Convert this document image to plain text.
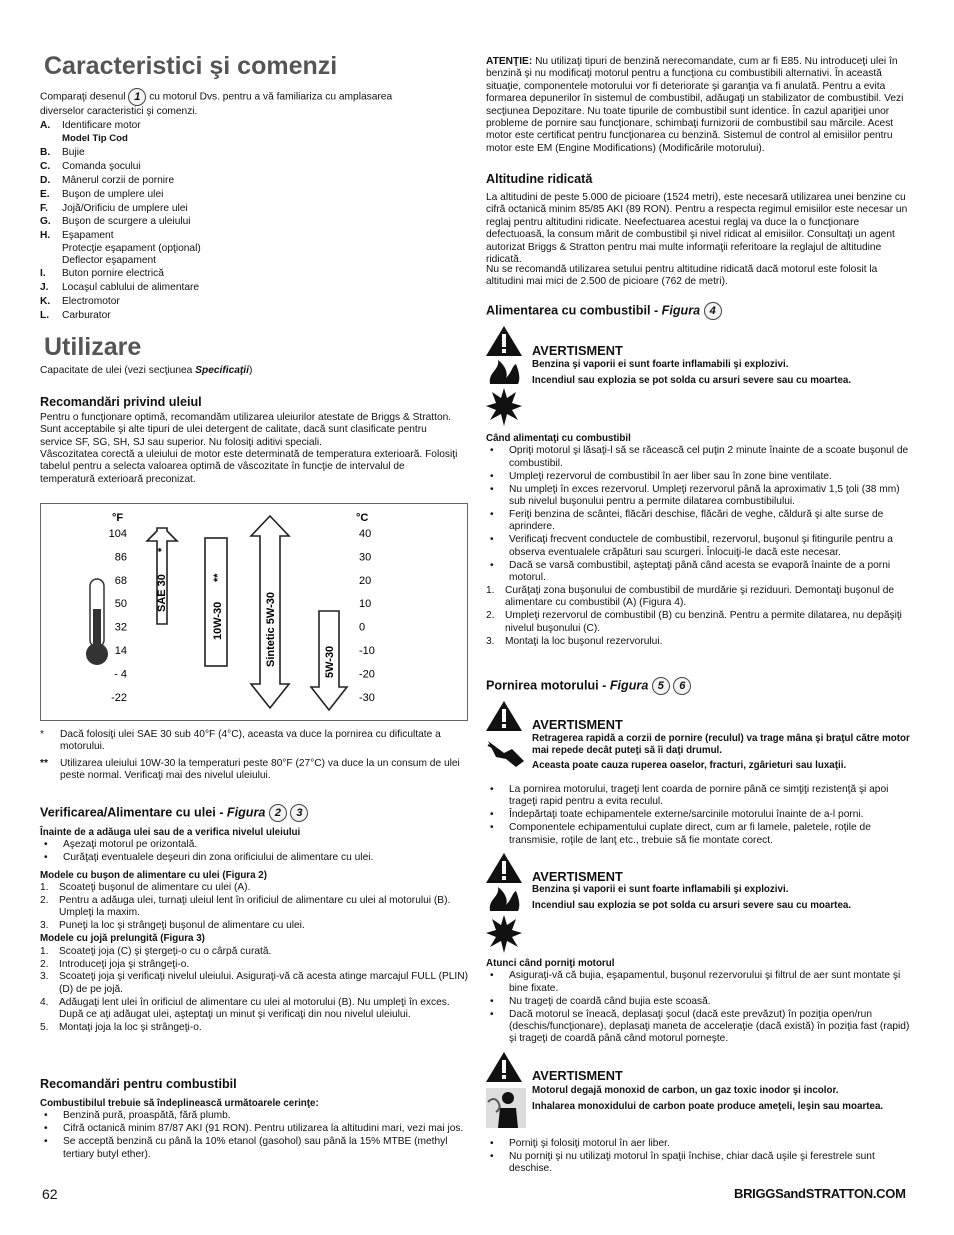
Caracteristici şi comenzi
Comparaţi desenul 1 cu motorul Dvs. pentru a vă familiariza cu amplasarea
diverselor caracteristici şi comenzi.
A.	Identificare motor
Model Tip Cod
B.	Bujie
C.	Comanda şocului
D.	Mânerul corzii de pornire
E.	Buşon de umplere ulei
F.	Jojă/Orificiu de umplere ulei
G.	Buşon de scurgere a uleiului
H.	Eşapament
Protecţie eşapament (opţional)
Deflector eşapament
I.	Buton pornire electrică
J.	Locaşul cablului de alimentare
K.	Electromotor
L.	Carburator
Utilizare
Capacitate de ulei (vezi secţiunea Specificaţii)
Recomandări privind uleiul
Pentru o funcţionare optimă, recomandăm utilizarea uleiurilor atestate de Briggs & Stratton. Sunt acceptabile şi alte tipuri de ulei detergent de calitate, dacă sunt clasificate pentru service SF, SG, SH, SJ sau superior. Nu folosiţi aditivi speciali.
Vâscozitatea corectă a uleiului de motor este determinată de temperatura exterioară. Folosiţi tabelul pentru a selecta valoarea optimă de vâscozitate în funcţie de intervalul de temperatură exterioară preconizat.
°F	°C
104
86
68
50
32
14
- 4
-22
40
30
20
10
0
-10
-20
-30
SAE 30
*
10W-30
**
Sintetic 5W-30	5W-30
*	Dacă folosiţi ulei SAE 30 sub 40°F (4°C), aceasta va duce la pornirea cu dificultate a motorului.
**	Utilizarea uleiului 10W-30 la temperaturi peste 80°F (27°C) va duce la un consum de ulei peste normal. Verificaţi mai des nivelul uleiului.
Verificarea/Alimentare cu ulei - Figura 2 3
Înainte de a adăuga ulei sau de a verifica nivelul uleiului
•	Aşezaţi motorul pe orizontală.
•	Curăţaţi eventualele deşeuri din zona orificiului de alimentare cu ulei.
Modele cu buşon de alimentare cu ulei (Figura 2)
1.	Scoateţi buşonul de alimentare cu ulei (A).
2.	Pentru a adăuga ulei, turnaţi uleiul lent în orificiul de alimentare cu ulei al motorului (B). Umpleţi la maxim.
3.	Puneţi la loc şi strângeţi buşonul de alimentare cu ulei.
Modele cu jojă prelungită (Figura 3)
1.	Scoateţi joja (C) şi ştergeţi-o cu o cârpă curată.
2.	Introduceţi joja şi strângeţi-o.
3.	Scoateţi joja şi verificaţi nivelul uleiului. Asiguraţi-vă că acesta atinge marcajul FULL (PLIN) (D) de pe jojă.
4.	Adăugaţi lent ulei în orificiul de alimentare cu ulei al motorului (B). Nu umpleţi în exces. După ce aţi adăugat ulei, aşteptaţi un minut şi verificaţi din nou nivelul uleiului.
5.	Montaţi joja la loc şi strângeţi-o.
Recomandări pentru combustibil
Combustibilul trebuie să îndeplinească următoarele cerinţe:
•	Benzină pură, proaspătă, fără plumb.
•	Cifră octanică minim 87/87 AKI (91 RON). Pentru utilizarea la altitudini mari, vezi mai jos.
•	Se acceptă benzină cu până la 10% etanol (gasohol) sau până la 15% MTBE (methyl tertiary butyl ether).
ATENŢIE: Nu utilizaţi tipuri de benzină nerecomandate, cum ar fi E85. Nu introduceţi ulei în benzină şi nu modificaţi motorul pentru a funcţiona cu combustibili alternativi. În această situaţie, componentele motorului vor fi deteriorate şi garanţia va fi anulată. Pentru a evita formarea depunerilor în sistemul de combustibil, adăugaţi un stabilizator de combustibil. Vezi secţiunea Depozitare. Nu toate tipurile de combustibil sunt identice. În cazul apariţiei unor probleme de pornire sau funcţionare, schimbaţi furnizorii de combustibil sau mărcile. Acest motor este certificat pentru funcţionarea cu benzină. Sistemul de control al emisiilor pentru motor este EM (Engine Modifications) (Modificările motorului).
Altitudine ridicată
La altitudini de peste 5.000 de picioare (1524 metri), este necesară utilizarea unei benzine cu cifră octanică minim 85/85 AKI (89 RON). Pentru a respecta regimul emisiilor este necesar un reglaj pentru altitudini ridicate. Neefectuarea acestui reglaj va duce la o funcţionare defectuoasă, la consum mărit de combustibil şi nivel ridicat al emisiilor. Consultaţi un agent autorizat Briggs & Stratton pentru mai multe informaţii referitoare la reglajul de altitudine ridicată.
Nu se recomandă utilizarea setului pentru altitudine ridicată dacă motorul este folosit la altitudini mai mici de 2.500 de picioare (762 de metri).
Alimentarea cu combustibil - Figura 4
AVERTISMENT
Benzina şi vaporii ei sunt foarte inflamabili şi explozivi.
Incendiul sau explozia se pot solda cu arsuri severe sau cu moartea.
Când alimentaţi cu combustibil
•	Opriţi motorul şi lăsaţi-l să se răcească cel puţin 2 minute înainte de a scoate buşonul de combustibil.
•	Umpleţi rezervorul de combustibil în aer liber sau în zone bine ventilate.
•	Nu umpleţi în exces rezervorul. Umpleţi rezervorul până la aproximativ 1,5 ţoli (38 mm) sub nivelul buşonului pentru a permite dilatarea combustibilului.
•	Feriţi benzina de scântei, flăcări deschise, flăcări de veghe, căldură şi alte surse de aprindere.
•	Verificaţi frecvent conductele de combustibil, rezervorul, buşonul şi fitingurile pentru a observa eventualele crăpături sau scurgeri. Înlocuiţi-le dacă este necesar.
•	Dacă se varsă combustibil, aşteptaţi până când acesta se evaporă înainte de a porni motorul.
1.	Curăţaţi zona buşonului de combustibil de murdărie şi reziduuri. Demontaţi buşonul de alimentare cu combustibil (A) (Figura 4).
2.	Umpleţi rezervorul de combustibil (B) cu benzină. Pentru a permite dilatarea, nu depăşiţi nivelul buşonului (C).
3.	Montaţi la loc buşonul rezervorului.
Pornirea motorului - Figura 5 6
AVERTISMENT
Retragerea rapidă a corzii de pornire (reculul) va trage mâna şi braţul către motor mai repede decât puteţi să îi daţi drumul.
Aceasta poate cauza ruperea oaselor, fracturi, zgârieturi sau luxaţii.
•	La pornirea motorului, trageţi lent coarda de pornire până ce simţiţi rezistenţă şi apoi trageţi rapid pentru a evita reculul.
•	Îndepărtaţi toate echipamentele externe/sarcinile motorului înainte de a-l porni.
•	Componentele echipamentului cuplate direct, cum ar fi lamele, paletele, roţile de transmisie, roţile de lanţ etc., trebuie să fie montate corect.
AVERTISMENT
Benzina şi vaporii ei sunt foarte inflamabili şi explozivi.
Incendiul sau explozia se pot solda cu arsuri severe sau cu moartea.
Atunci când porniţi motorul
•	Asiguraţi-vă că bujia, eşapamentul, buşonul rezervorului şi filtrul de aer sunt montate şi bine fixate.
•	Nu trageţi de coardă când bujia este scoasă.
•	Dacă motorul se îneacă, deplasaţi şocul (dacă este prevăzut) în poziţia open/run (deschis/funcţionare), deplasaţi maneta de acceleraţie (dacă există) în poziţia fast (rapid) şi trageţi de coardă până când motorul porneşte.
AVERTISMENT
Motorul degajă monoxid de carbon, un gaz toxic inodor şi incolor.
Inhalarea monoxidului de carbon poate produce ameţeli, leşin sau moartea.
•	Porniţi şi folosiţi motorul în aer liber.
•	Nu porniţi şi nu utilizaţi motorul în spaţii închise, chiar dacă uşile şi ferestrele sunt deschise.
62	BRIGGSandSTRATTON.COM
